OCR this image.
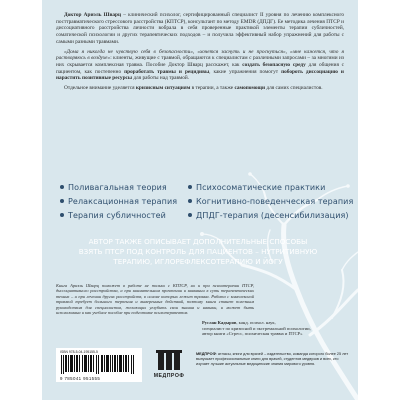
Доктор Ариэль Шварц – клинический психолог, сертифицированный специалист II уровня по лечению комплексного посттравматического стрессового расстройства (КПТСР), консультант по методу EMDR (ДПДГ). Ее методика лечения ПТСР и диссоциативного расстройства личности вобрала в себя проверенные практикой элементы терапии субличностей, соматической психологии и других терапевтических подходов – и получила эффективный набор упражнений для работы с самыми разными травмами.

«Дома я никогда не чувствую себя в безопасности», «хочется заснуть и не проснуться», «мне кажется, что я растворяюсь в воздухе»: клиенты, живущие с травмой, обращаются к специалистам с различными запросами – за многими из них скрывается комплексная травма. Пособие Доктор Шварц расскажет, как создать безопасную среду для общения с пациентом, как постепенно проработать травмы и рецидивы, какие упражнения помогут побороть диссоциацию и нарастить позитивные ресурсы для работы над травмой.

Отдельное внимание уделяется кризисным ситуациям в терапии, а также самопомощи для самих специалистов.

Поливагальная теория	Психосоматические практики
Релаксационная терапия	Когнитивно-поведенческая терапия
Терапия субличностей	ДПДГ-терапия (десенсибилизация)
АВТОР ТАКЖЕ ОПИСЫВАЕТ ДОПОЛНИТЕЛЬНЫЕ СПОСОБЫ ВЗЯТЬ ПТСР ПОД КОНТРОЛЬ ДЛЯ ПАЦИЕНТОВ – НУТРИТИВНУЮ ТЕРАПИЮ, ИГЛОРЕФЛЕКСОТЕРАПИЮ И ЙОГУ
Книга Ариэль Шварц поможет в работе не только с КПТСР, но и при психотерапии ПТСР, диссоциативного расстройства, а при внимательном прочтении и вникании в суть терапевтических техник – и при лечении других расстройств, в основе которых лежит травма. Работа с комплексной травмой требует большого терпения и выверенных действий, поэтому книга станет полезным руководством для специалистов, желающих углубить свои знания и навыки, и может быть использована и как учебное пособие при подготовке психотерапевтов.
Руслан Кадыров, канд. психол. наук,
специалист по кризисной и экстремальной психологии,
автор книги «Стресс, психическая травма и ПТСР»
ISBN 978-5-04-195155-5
9 785041 951555	МЕДПРОФ
МЕДПРОФ: атласы, книги для врачей – издательство, команда которого более 25 лет выпускает профессиональные книги для врачей, студентов медвузов и всех, кто изучает лучшие актуальные медицинские знания мирового уровня.
